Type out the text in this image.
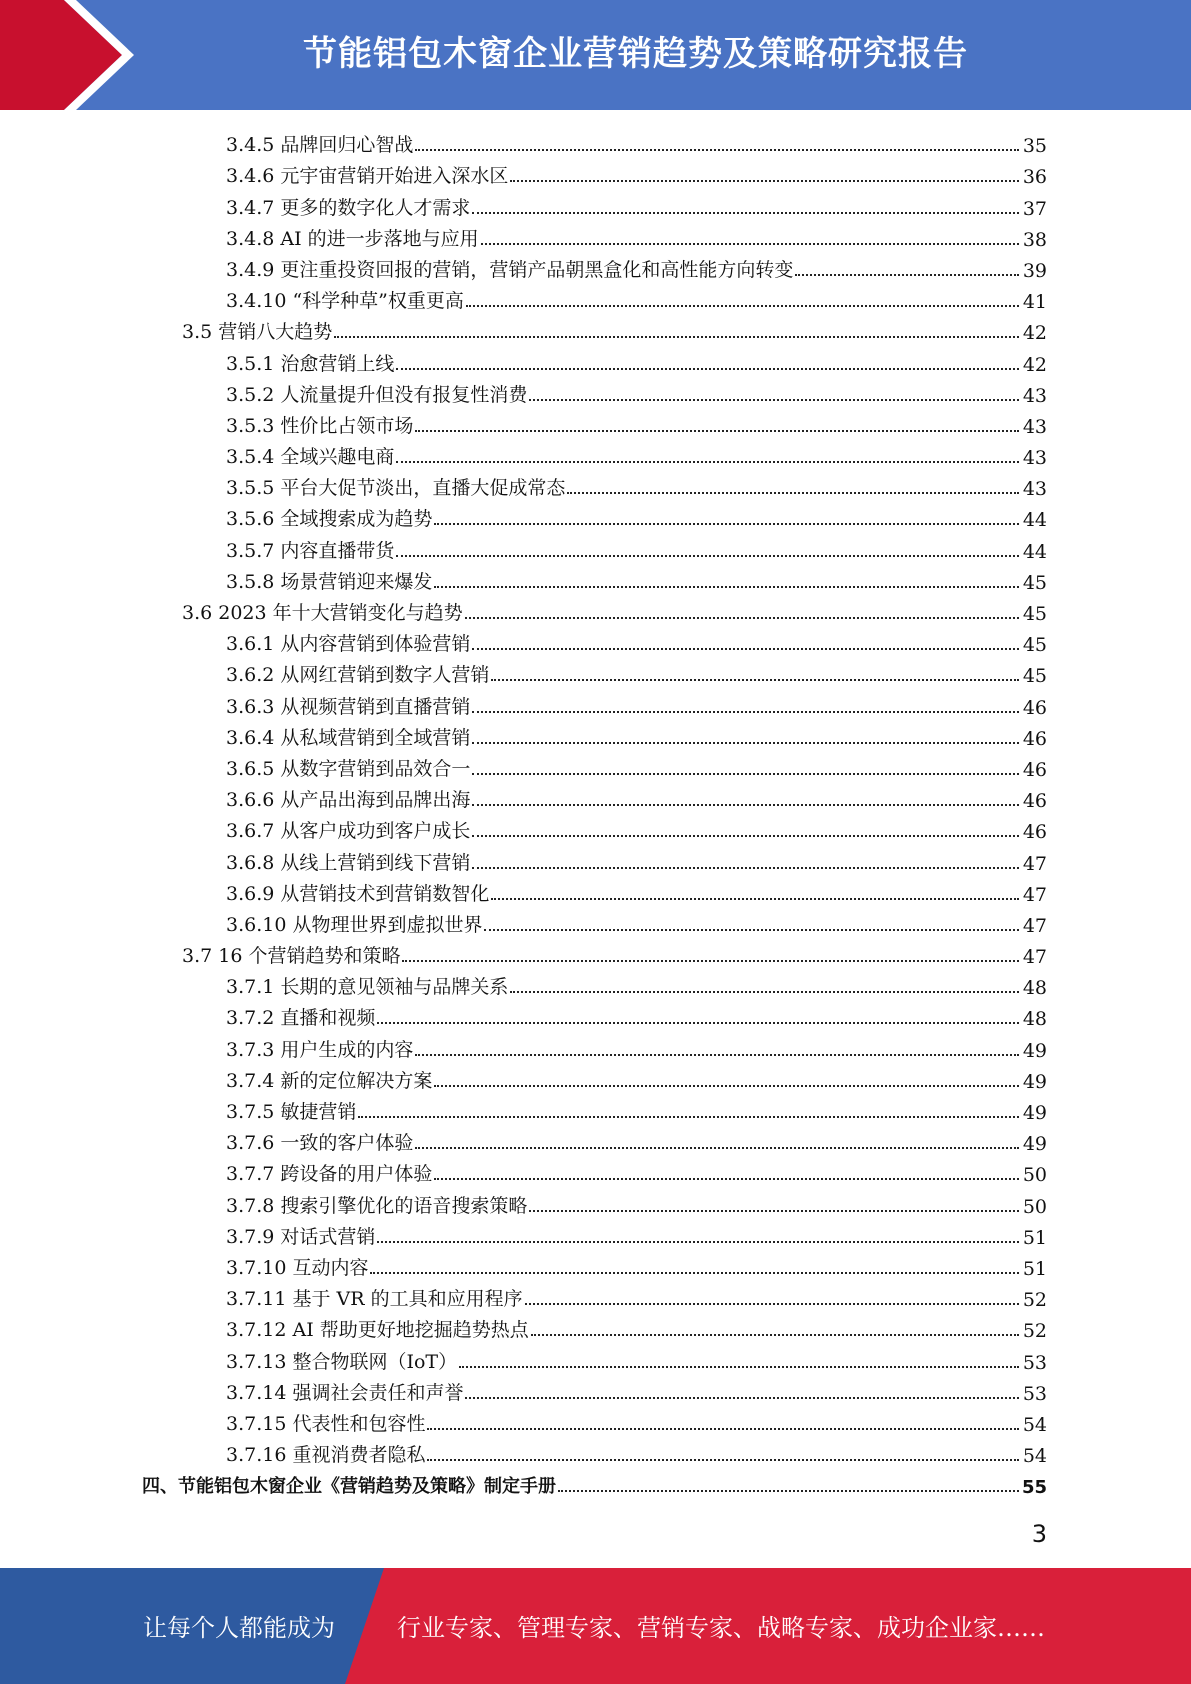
节能铝包木窗企业营销趋势及策略研究报告
3.4.5 品牌回归心智战	35
3.4.6 元宇宙营销开始进入深水区	36
3.4.7 更多的数字化人才需求	37
3.4.8 AI 的进一步落地与应用	38
3.4.9 更注重投资回报的营销，营销产品朝黑盒化和高性能方向转变	39
3.4.10 “科学种草”权重更高	41
3.5 营销八大趋势	42
3.5.1 治愈营销上线	42
3.5.2 人流量提升但没有报复性消费	43
3.5.3 性价比占领市场	43
3.5.4 全域兴趣电商	43
3.5.5 平台大促节淡出，直播大促成常态	43
3.5.6 全域搜索成为趋势	44
3.5.7 内容直播带货	44
3.5.8 场景营销迎来爆发	45
3.6 2023 年十大营销变化与趋势	45
3.6.1 从内容营销到体验营销	45
3.6.2 从网红营销到数字人营销	45
3.6.3 从视频营销到直播营销	46
3.6.4 从私域营销到全域营销	46
3.6.5 从数字营销到品效合一	46
3.6.6 从产品出海到品牌出海	46
3.6.7 从客户成功到客户成长	46
3.6.8 从线上营销到线下营销	47
3.6.9 从营销技术到营销数智化	47
3.6.10 从物理世界到虚拟世界	47
3.7 16 个营销趋势和策略	47
3.7.1 长期的意见领袖与品牌关系	48
3.7.2 直播和视频	48
3.7.3 用户生成的内容	49
3.7.4 新的定位解决方案	49
3.7.5 敏捷营销	49
3.7.6 一致的客户体验	49
3.7.7 跨设备的用户体验	50
3.7.8 搜索引擎优化的语音搜索策略	50
3.7.9 对话式营销	51
3.7.10 互动内容	51
3.7.11 基于 VR 的工具和应用程序	52
3.7.12 AI 帮助更好地挖掘趋势热点	52
3.7.13 整合物联网（IoT）	53
3.7.14 强调社会责任和声誉	53
3.7.15 代表性和包容性	54
3.7.16 重视消费者隐私	54
四、节能铝包木窗企业《营销趋势及策略》制定手册	55
3
让每个人都能成为	行业专家、管理专家、营销专家、战略专家、成功企业家……
